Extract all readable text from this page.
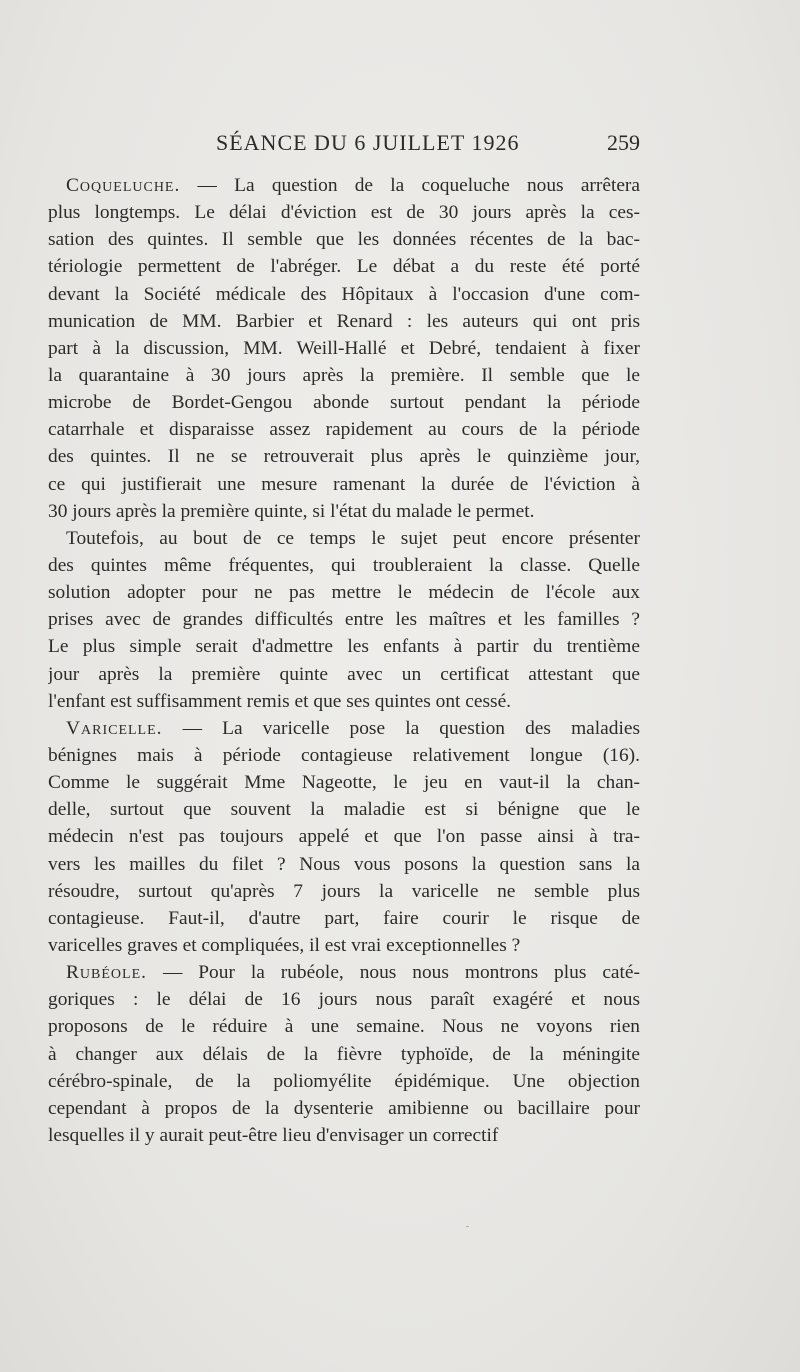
SÉANCE DU 6 JUILLET 1926	259
Coqueluche. — La question de la coqueluche nous arrêtera
plus longtemps. Le délai d'éviction est de 30 jours après la ces-
sation des quintes. Il semble que les données récentes de la bac-
tériologie permettent de l'abréger. Le débat a du reste été porté
devant la Société médicale des Hôpitaux à l'occasion d'une com-
munication de MM. Barbier et Renard : les auteurs qui ont pris
part à la discussion, MM. Weill-Hallé et Debré, tendaient à fixer
la quarantaine à 30 jours après la première. Il semble que le
microbe de Bordet-Gengou abonde surtout pendant la période
catarrhale et disparaisse assez rapidement au cours de la période
des quintes. Il ne se retrouverait plus après le quinzième jour,
ce qui justifierait une mesure ramenant la durée de l'éviction à
30 jours après la première quinte, si l'état du malade le permet.
Toutefois, au bout de ce temps le sujet peut encore présenter
des quintes même fréquentes, qui troubleraient la classe. Quelle
solution adopter pour ne pas mettre le médecin de l'école aux
prises avec de grandes difficultés entre les maîtres et les familles ?
Le plus simple serait d'admettre les enfants à partir du trentième
jour après la première quinte avec un certificat attestant que
l'enfant est suffisamment remis et que ses quintes ont cessé.
Varicelle. — La varicelle pose la question des maladies
bénignes mais à période contagieuse relativement longue (16).
Comme le suggérait Mme Nageotte, le jeu en vaut-il la chan-
delle, surtout que souvent la maladie est si bénigne que le
médecin n'est pas toujours appelé et que l'on passe ainsi à tra-
vers les mailles du filet ? Nous vous posons la question sans la
résoudre, surtout qu'après 7 jours la varicelle ne semble plus
contagieuse. Faut-il, d'autre part, faire courir le risque de
varicelles graves et compliquées, il est vrai exceptionnelles ?
Rubéole. — Pour la rubéole, nous nous montrons plus caté-
goriques : le délai de 16 jours nous paraît exagéré et nous
proposons de le réduire à une semaine. Nous ne voyons rien
à changer aux délais de la fièvre typhoïde, de la méningite
cérébro-spinale, de la poliomyélite épidémique. Une objection
cependant à propos de la dysenterie amibienne ou bacillaire pour
lesquelles il y aurait peut-être lieu d'envisager un correctif
